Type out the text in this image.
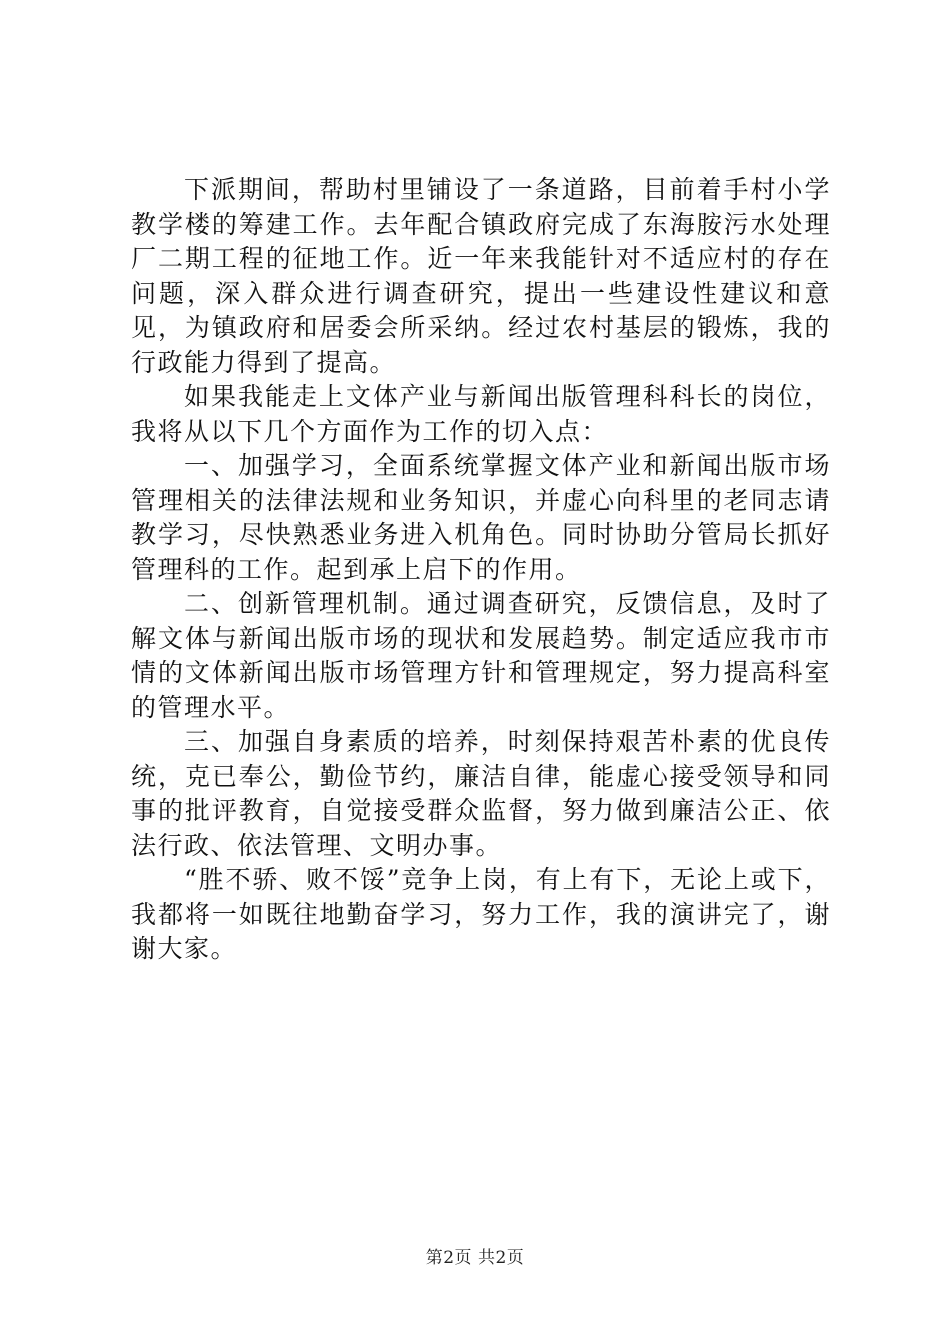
下派期间，帮助村里铺设了一条道路，目前着手村小学教学楼的筹建工作。去年配合镇政府完成了东海胺污水处理厂二期工程的征地工作。近一年来我能针对不适应村的存在问题，深入群众进行调查研究，提出一些建设性建议和意见，为镇政府和居委会所采纳。经过农村基层的锻炼，我的行政能力得到了提高。

如果我能走上文体产业与新闻出版管理科科长的岗位，我将从以下几个方面作为工作的切入点：

一、加强学习，全面系统掌握文体产业和新闻出版市场管理相关的法律法规和业务知识，并虚心向科里的老同志请教学习，尽快熟悉业务进入机角色。同时协助分管局长抓好管理科的工作。起到承上启下的作用。

二、创新管理机制。通过调查研究，反馈信息，及时了解文体与新闻出版市场的现状和发展趋势。制定适应我市市情的文体新闻出版市场管理方针和管理规定，努力提高科室的管理水平。

三、加强自身素质的培养，时刻保持艰苦朴素的优良传统，克已奉公，勤俭节约，廉洁自律，能虚心接受领导和同事的批评教育，自觉接受群众监督，努力做到廉洁公正、依法行政、依法管理、文明办事。

“胜不骄、败不馁”竞争上岗，有上有下，无论上或下，我都将一如既往地勤奋学习，努力工作，我的演讲完了，谢谢大家。

第2页 共2页
